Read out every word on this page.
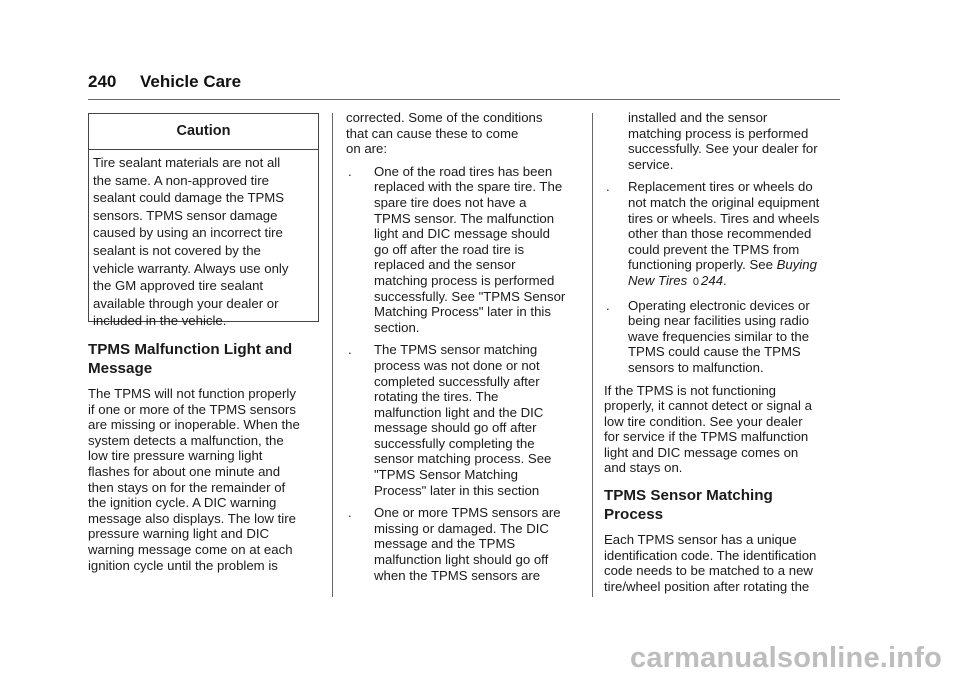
240 Vehicle Care
Caution
Tire sealant materials are not all
the same. A non-approved tire
sealant could damage the TPMS
sensors. TPMS sensor damage
caused by using an incorrect tire
sealant is not covered by the
vehicle warranty. Always use only
the GM approved tire sealant
available through your dealer or
included in the vehicle.
TPMS Malfunction Light and
Message
The TPMS will not function properly
if one or more of the TPMS sensors
are missing or inoperable. When the
system detects a malfunction, the
low tire pressure warning light
flashes for about one minute and
then stays on for the remainder of
the ignition cycle. A DIC warning
message also displays. The low tire
pressure warning light and DIC
warning message come on at each
ignition cycle until the problem is
corrected. Some of the conditions
that can cause these to come
on are:
. One of the road tires has been
replaced with the spare tire. The
spare tire does not have a
TPMS sensor. The malfunction
light and DIC message should
go off after the road tire is
replaced and the sensor
matching process is performed
successfully. See "TPMS Sensor
Matching Process" later in this
section.
. The TPMS sensor matching
process was not done or not
completed successfully after
rotating the tires. The
malfunction light and the DIC
message should go off after
successfully completing the
sensor matching process. See
"TPMS Sensor Matching
Process" later in this section
. One or more TPMS sensors are
missing or damaged. The DIC
message and the TPMS
malfunction light should go off
when the TPMS sensors are
installed and the sensor
matching process is performed
successfully. See your dealer for
service.
. Replacement tires or wheels do
not match the original equipment
tires or wheels. Tires and wheels
other than those recommended
could prevent the TPMS from
functioning properly. See Buying
New Tires 0 244.
. Operating electronic devices or
being near facilities using radio
wave frequencies similar to the
TPMS could cause the TPMS
sensors to malfunction.
If the TPMS is not functioning
properly, it cannot detect or signal a
low tire condition. See your dealer
for service if the TPMS malfunction
light and DIC message comes on
and stays on.
TPMS Sensor Matching
Process
Each TPMS sensor has a unique
identification code. The identification
code needs to be matched to a new
tire/wheel position after rotating the
carmanualsonline.info
